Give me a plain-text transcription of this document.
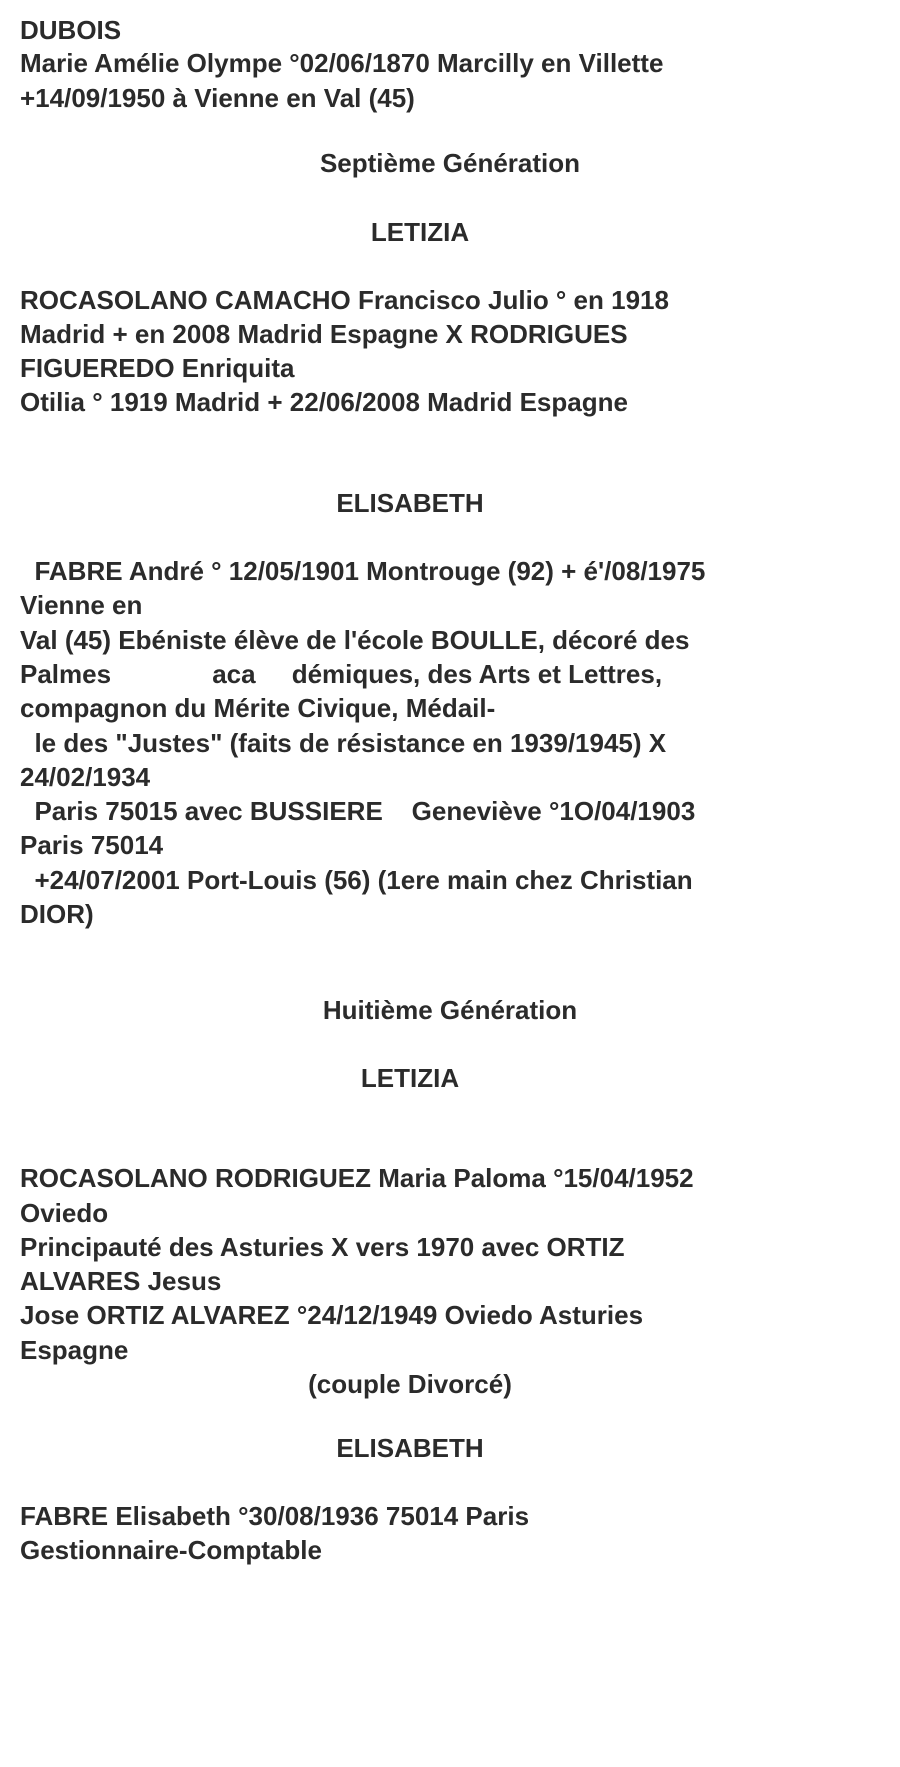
DUBOIS
Marie Amélie Olympe °02/06/1870 Marcilly en Villette
+14/09/1950 à Vienne en Val (45)
Septième Génération
LETIZIA
ROCASOLANO CAMACHO Francisco Julio ° en 1918
Madrid + en 2008 Madrid Espagne X RODRIGUES
FIGUEREDO Enriquita
Otilia ° 1919 Madrid + 22/06/2008 Madrid Espagne
ELISABETH
FABRE André ° 12/05/1901 Montrouge (92) + é'/08/1975
Vienne en
Val (45) Ebéniste élève de l'école BOULLE, décoré des
Palmes              aca     démiques, des Arts et Lettres,
compagnon du Mérite Civique, Médail-
le des "Justes" (faits de résistance en 1939/1945) X
24/02/1934
Paris 75015 avec BUSSIERE    Geneviève °1O/04/1903
Paris 75014
+24/07/2001 Port-Louis (56) (1ere main chez Christian
DIOR)
Huitième Génération
LETIZIA
ROCASOLANO RODRIGUEZ Maria Paloma °15/04/1952
Oviedo
Principauté des Asturies X vers 1970 avec ORTIZ
ALVARES Jesus
Jose ORTIZ ALVAREZ °24/12/1949 Oviedo Asturies
Espagne
(couple Divorcé)
ELISABETH
FABRE Elisabeth °30/08/1936 75014 Paris
Gestionnaire-Comptable
